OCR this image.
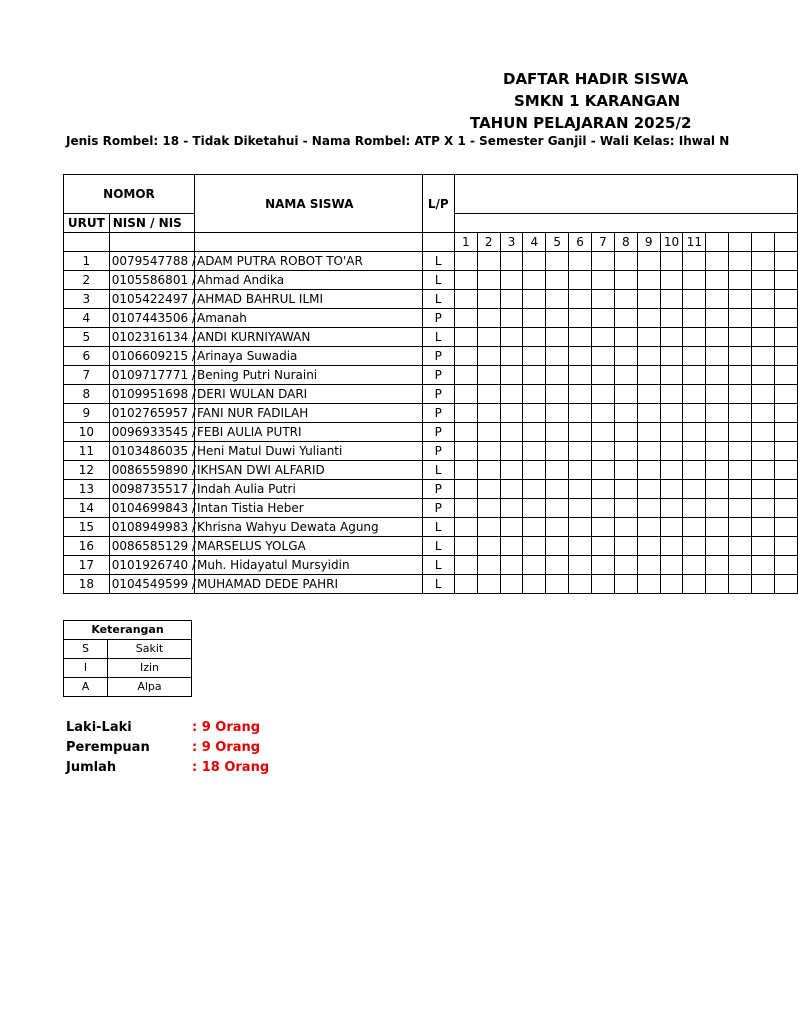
DAFTAR HADIR SISWA
SMKN 1 KARANGAN
TAHUN PELAJARAN 2025/2
Jenis Rombel: 18 - Tidak Diketahui - Nama Rombel: ATP X 1 - Semester Ganjil - Wali Kelas: Ihwal N
NOMOR		NAMA SISWA	L/P															
URUT	NISN / NIS																	
				1	2	3	4	5	6	7	8	9	10	11				
1	0079547788 /	ADAM PUTRA ROBOT TO'AR	L															
2	0105586801 /	Ahmad Andika	L															
3	0105422497 /	AHMAD BAHRUL ILMI	L															
4	0107443506 /	Amanah	P															
5	0102316134 /	ANDI KURNIYAWAN	L															
6	0106609215 /	Arinaya Suwadia	P															
7	0109717771 /	Bening Putri Nuraini	P															
8	0109951698 /	DERI WULAN DARI	P															
9	0102765957 /	FANI NUR FADILAH	P															
10	0096933545 /	FEBI AULIA PUTRI	P															
11	0103486035 /	Heni Matul Duwi Yulianti	P															
12	0086559890 /	IKHSAN DWI ALFARID	L															
13	0098735517 /	Indah Aulia Putri	P															
14	0104699843 /	Intan Tistia Heber	P															
15	0108949983 /	Khrisna Wahyu Dewata Agung	L															
16	0086585129 /	MARSELUS YOLGA	L															
17	0101926740 /	Muh. Hidayatul Mursyidin	L															
18	0104549599 /	MUHAMAD DEDE PAHRI	L															
Keterangan	
S	Sakit
I	Izin
A	Alpa
Laki-Laki	: 9 Orang
Perempuan	: 9 Orang
Jumlah	: 18 Orang
